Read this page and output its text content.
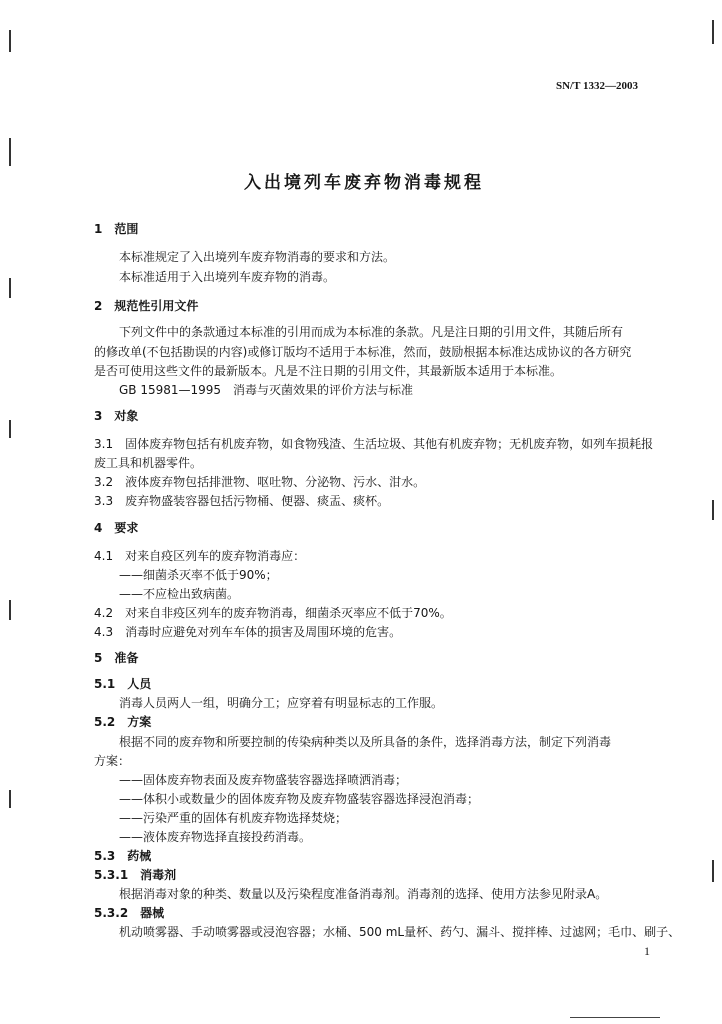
SN/T 1332—2003
入出境列车废弃物消毒规程
1　范围
本标准规定了入出境列车废弃物消毒的要求和方法。
本标准适用于入出境列车废弃物的消毒。
2　规范性引用文件
下列文件中的条款通过本标准的引用而成为本标准的条款。凡是注日期的引用文件，其随后所有
的修改单(不包括勘误的内容)或修订版均不适用于本标准，然而，鼓励根据本标准达成协议的各方研究
是否可使用这些文件的最新版本。凡是不注日期的引用文件，其最新版本适用于本标准。
GB 15981—1995　消毒与灭菌效果的评价方法与标准
3　对象
3.1　固体废弃物包括有机废弃物，如食物残渣、生活垃圾、其他有机废弃物；无机废弃物，如列车损耗报
废工具和机器零件。
3.2　液体废弃物包括排泄物、呕吐物、分泌物、污水、泔水。
3.3　废弃物盛装容器包括污物桶、便器、痰盂、痰杯。
4　要求
4.1　对来自疫区列车的废弃物消毒应：
——细菌杀灭率不低于90%；
——不应检出致病菌。
4.2　对来自非疫区列车的废弃物消毒，细菌杀灭率应不低于70%。
4.3　消毒时应避免对列车车体的损害及周围环境的危害。
5　准备
5.1　人员
消毒人员两人一组，明确分工；应穿着有明显标志的工作服。
5.2　方案
根据不同的废弃物和所要控制的传染病种类以及所具备的条件，选择消毒方法，制定下列消毒
方案：
——固体废弃物表面及废弃物盛装容器选择喷洒消毒；
——体积小或数量少的固体废弃物及废弃物盛装容器选择浸泡消毒；
——污染严重的固体有机废弃物选择焚烧；
——液体废弃物选择直接投药消毒。
5.3　药械
5.3.1　消毒剂
根据消毒对象的种类、数量以及污染程度准备消毒剂。消毒剂的选择、使用方法参见附录A。
5.3.2　器械
机动喷雾器、手动喷雾器或浸泡容器；水桶、500 mL量杯、药勺、漏斗、搅拌棒、过滤网；毛巾、刷子、
1
